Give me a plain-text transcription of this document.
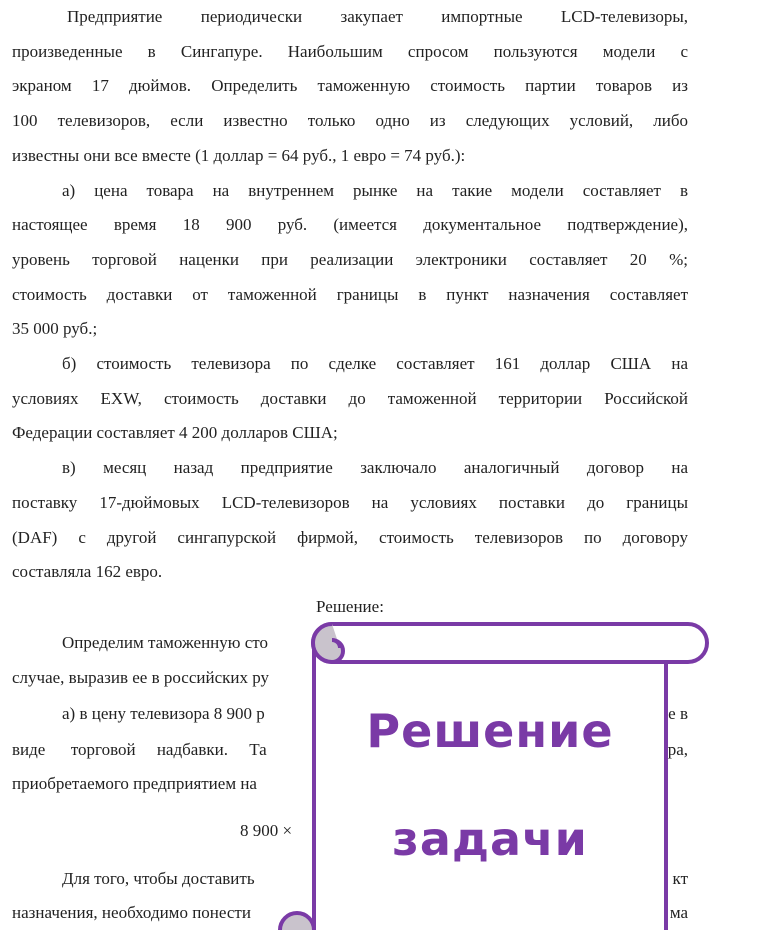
Предприятие периодически закупает импортные LCD-телевизоры,

произведенные в Сингапуре. Наибольшим спросом пользуются модели с
экраном 17 дюймов. Определить таможенную стоимость партии товаров из
100 телевизоров, если известно только одно из следующих условий, либо
известны они все вместе (1 доллар = 64 руб., 1 евро = 74 руб.):

а) цена товара на внутреннем рынке на такие модели составляет в

настоящее время 18 900 руб. (имеется документальное подтверждение),
уровень торговой наценки при реализации электроники составляет 20 %;
стоимость доставки от таможенной границы в пункт назначения составляет
35 000 руб.;

б) стоимость телевизора по сделке составляет 161 доллар США на

условиях EXW, стоимость доставки до таможенной территории Российской
Федерации составляет 4 200 долларов США;

в) месяц назад предприятие заключало аналогичный договор на

поставку 17-дюймовых LCD-телевизоров на условиях поставки до границы
(DAF) с другой сингапурской фирмой, стоимость телевизоров по договору
составляла 162 евро.

Решение:

Определим таможенную сто
случае, выразив ее в российских ру
а) в цену телевизора 8 900 р	е в
виде      торговой     надбавки.     Та	ра,
приобретаемого предприятием на
8 900 ×
Для того, чтобы доставить	кт
назначения, необходимо понести	ма
Решение
задачи
